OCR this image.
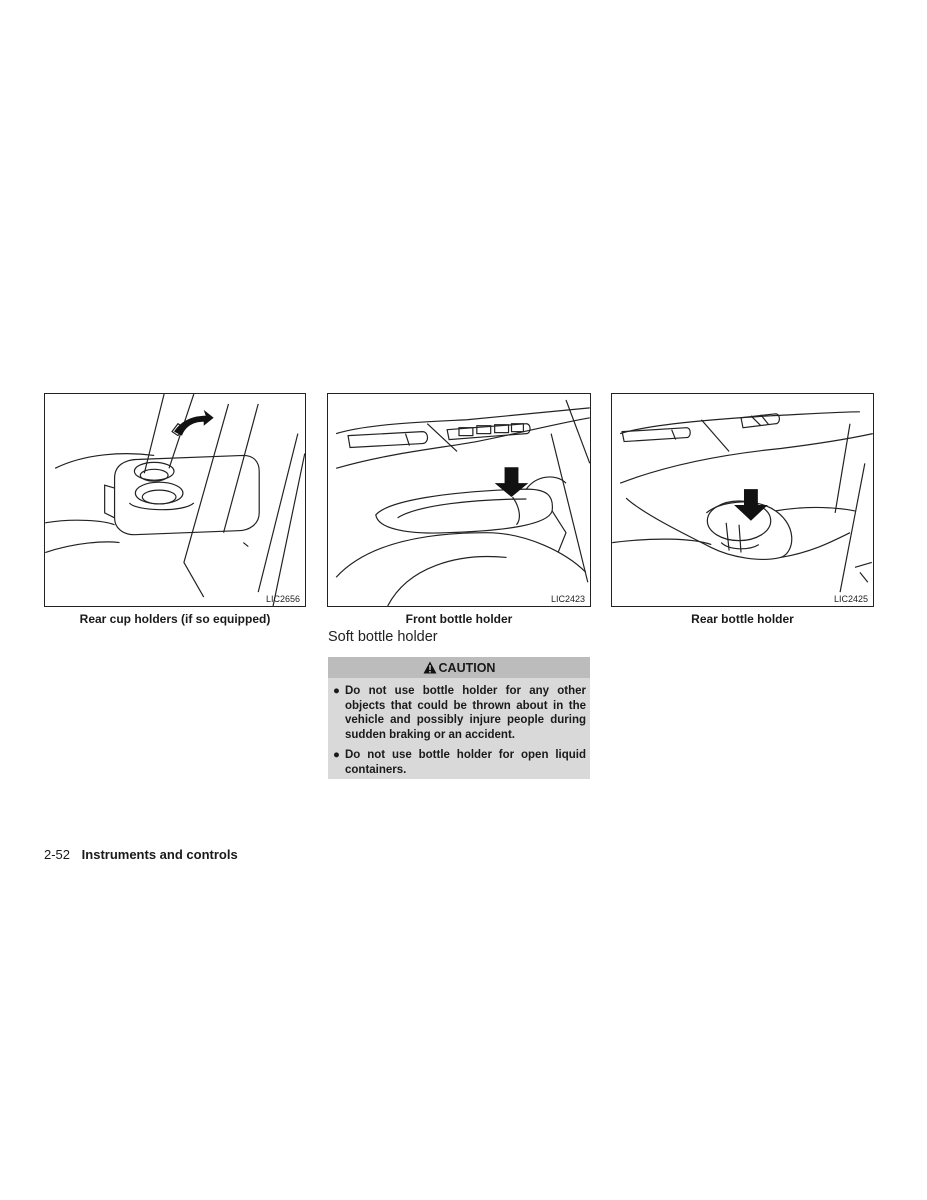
LIC2656	LIC2423	LIC2425
Rear cup holders (if so equipped)	Front bottle holder	Rear bottle holder
Soft bottle holder
CAUTION
● Do not use bottle holder for any other objects that could be thrown about in the vehicle and possibly injure people during sudden braking or an accident.
● Do not use bottle holder for open liquid containers.
2-52 Instruments and controls
